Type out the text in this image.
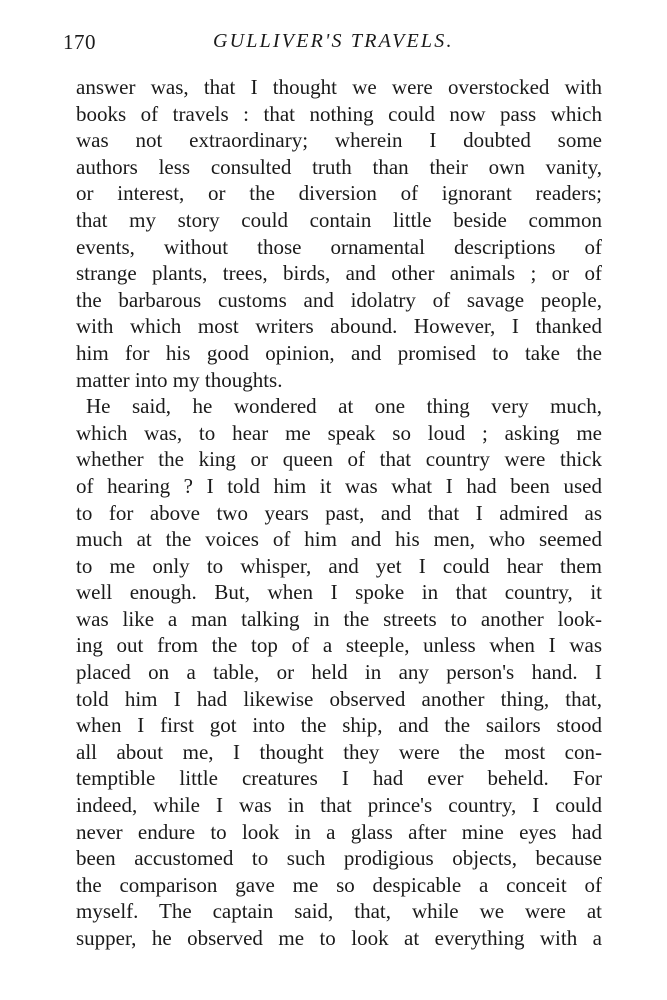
170	GULLIVER'S TRAVELS.
answer was, that I thought we were overstocked with
books of travels : that nothing could now pass which
was not extraordinary; wherein I doubted some
authors less consulted truth than their own vanity,
or interest, or the diversion of ignorant readers;
that my story could contain little beside common
events, without those ornamental descriptions of
strange plants, trees, birds, and other animals ; or of
the barbarous customs and idolatry of savage people,
with which most writers abound. However, I thanked
him for his good opinion, and promised to take the
matter into my thoughts.
He said, he wondered at one thing very much,
which was, to hear me speak so loud ; asking me
whether the king or queen of that country were thick
of hearing ? I told him it was what I had been used
to for above two years past, and that I admired as
much at the voices of him and his men, who seemed
to me only to whisper, and yet I could hear them
well enough. But, when I spoke in that country, it
was like a man talking in the streets to another look-
ing out from the top of a steeple, unless when I was
placed on a table, or held in any person's hand. I
told him I had likewise observed another thing, that,
when I first got into the ship, and the sailors stood
all about me, I thought they were the most con-
temptible little creatures I had ever beheld. For
indeed, while I was in that prince's country, I could
never endure to look in a glass after mine eyes had
been accustomed to such prodigious objects, because
the comparison gave me so despicable a conceit of
myself. The captain said, that, while we were at
supper, he observed me to look at everything with a
